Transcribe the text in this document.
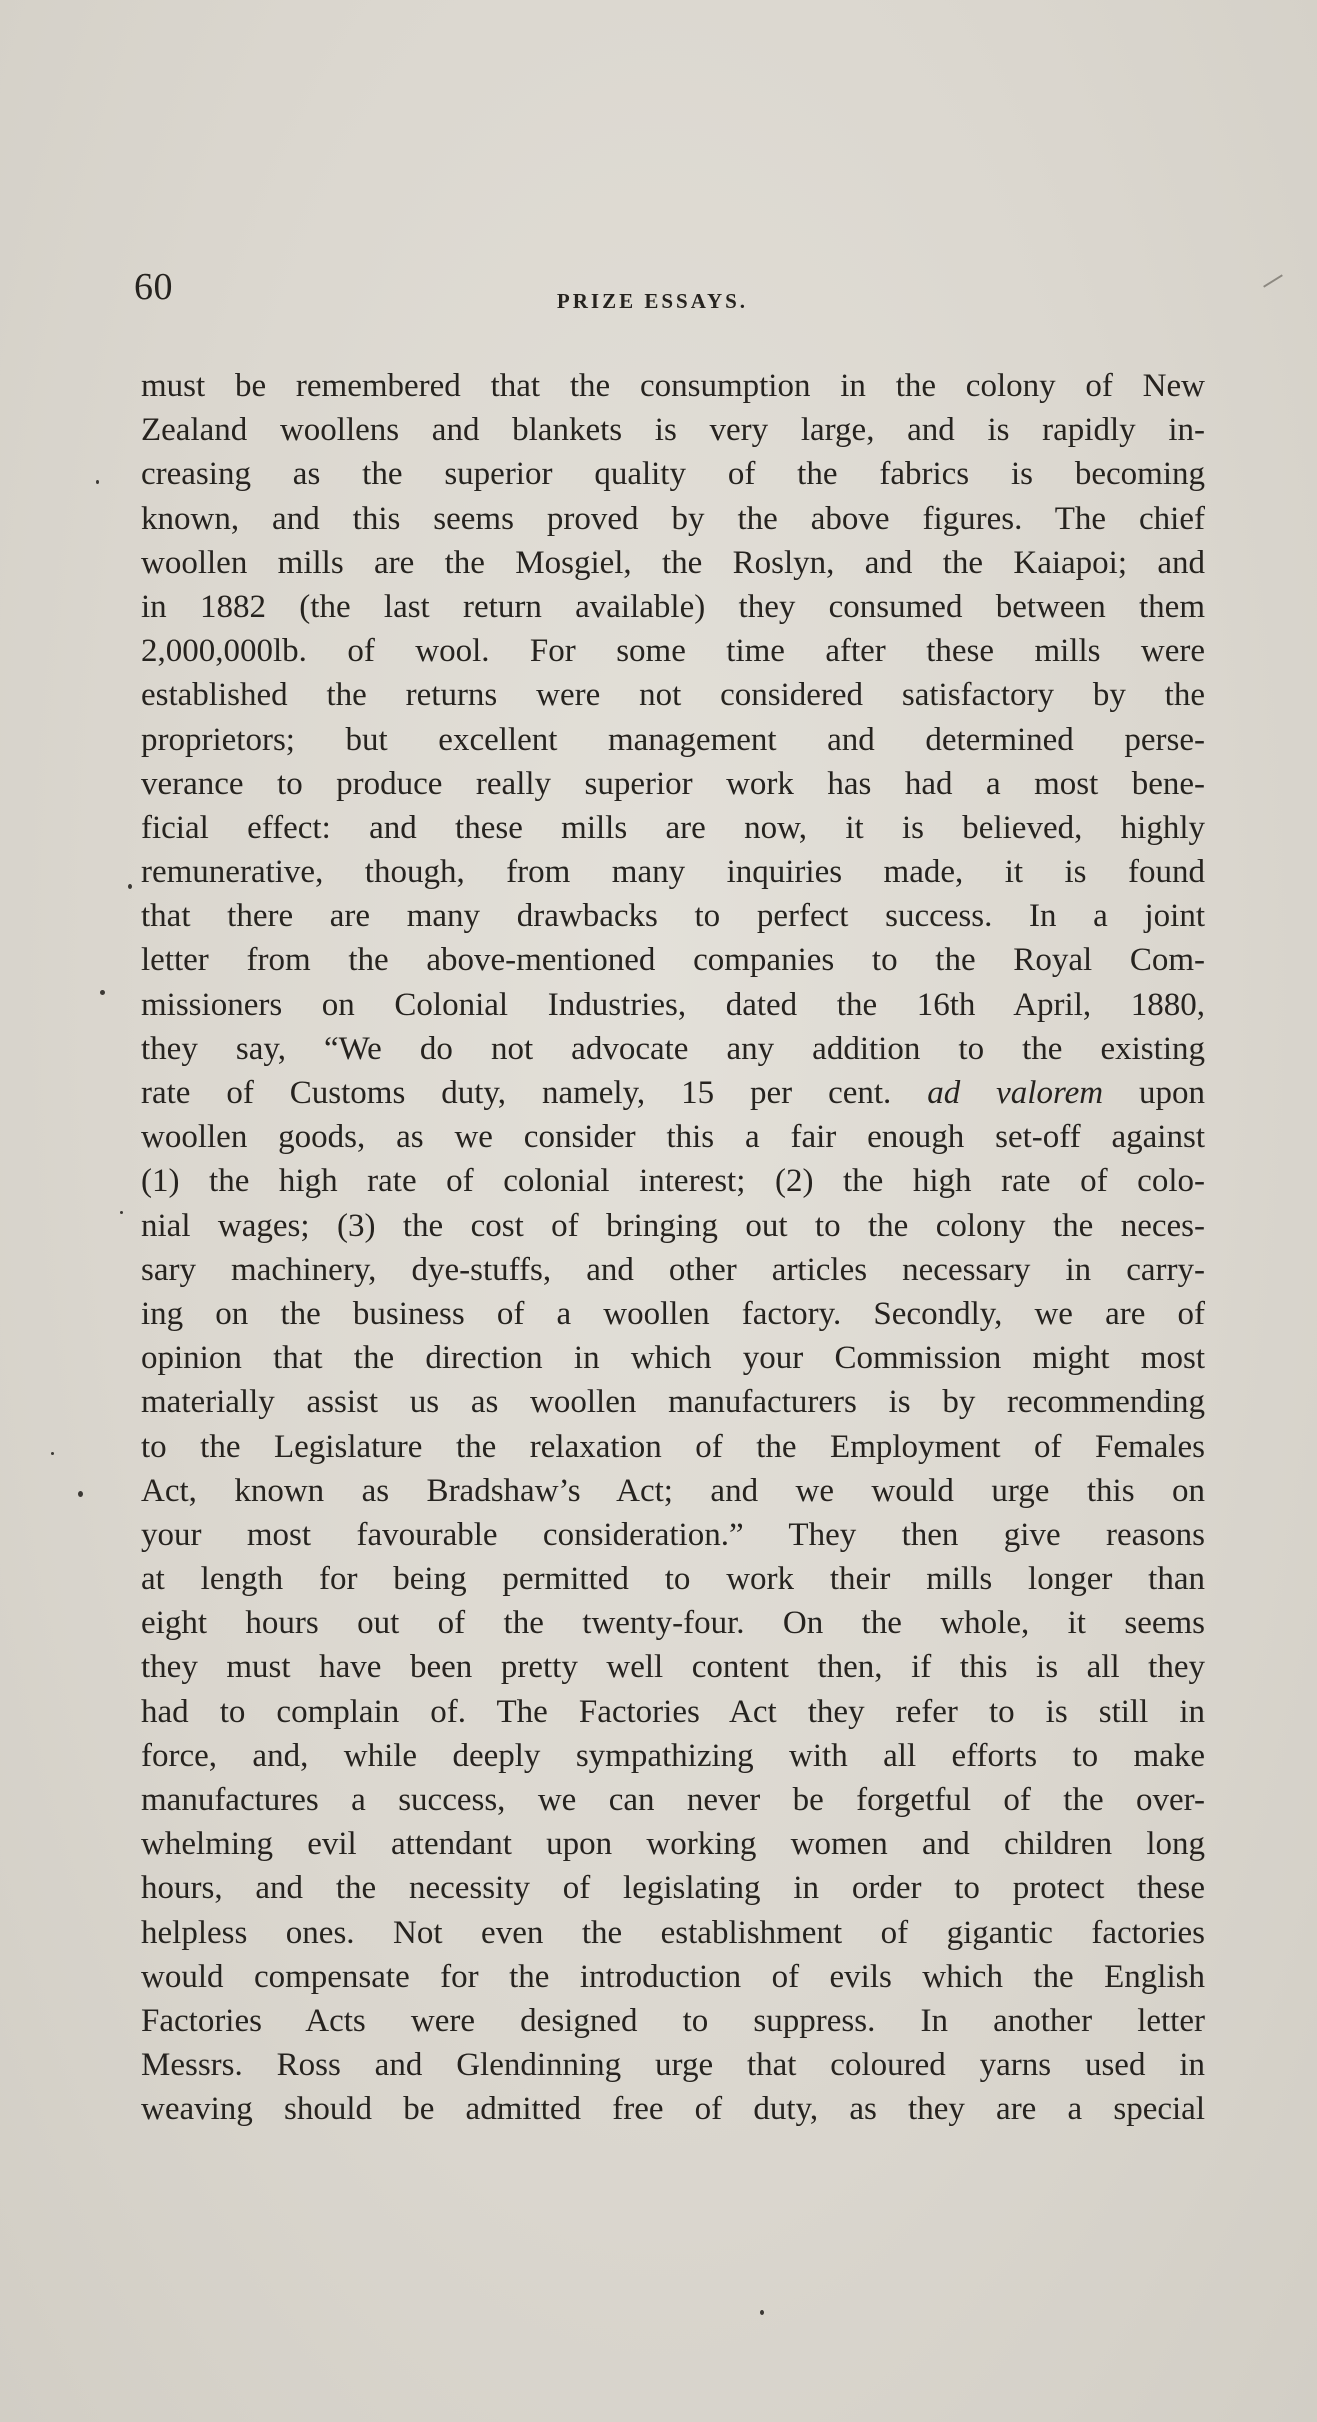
60	PRIZE ESSAYS.
must be remembered that the consumption in the colony of New
Zealand woollens and blankets is very large, and is rapidly in-
creasing as the superior quality of the fabrics is becoming
known, and this seems proved by the above figures. The chief
woollen mills are the Mosgiel, the Roslyn, and the Kaiapoi; and
in 1882 (the last return available) they consumed between them
2,000,000lb. of wool. For some time after these mills were
established the returns were not considered satisfactory by the
proprietors; but excellent management and determined perse-
verance to produce really superior work has had a most bene-
ficial effect: and these mills are now, it is believed, highly
remunerative, though, from many inquiries made, it is found
that there are many drawbacks to perfect success. In a joint
letter from the above-mentioned companies to the Royal Com-
missioners on Colonial Industries, dated the 16th April, 1880,
they say, “We do not advocate any addition to the existing
rate of Customs duty, namely, 15 per cent. ad valorem upon
woollen goods, as we consider this a fair enough set-off against
(1) the high rate of colonial interest; (2) the high rate of colo-
nial wages; (3) the cost of bringing out to the colony the neces-
sary machinery, dye-stuffs, and other articles necessary in carry-
ing on the business of a woollen factory. Secondly, we are of
opinion that the direction in which your Commission might most
materially assist us as woollen manufacturers is by recommending
to the Legislature the relaxation of the Employment of Females
Act, known as Bradshaw’s Act; and we would urge this on
your most favourable consideration.” They then give reasons
at length for being permitted to work their mills longer than
eight hours out of the twenty-four. On the whole, it seems
they must have been pretty well content then, if this is all they
had to complain of. The Factories Act they refer to is still in
force, and, while deeply sympathizing with all efforts to make
manufactures a success, we can never be forgetful of the over-
whelming evil attendant upon working women and children long
hours, and the necessity of legislating in order to protect these
helpless ones. Not even the establishment of gigantic factories
would compensate for the introduction of evils which the English
Factories Acts were designed to suppress. In another letter
Messrs. Ross and Glendinning urge that coloured yarns used in
weaving should be admitted free of duty, as they are a special
